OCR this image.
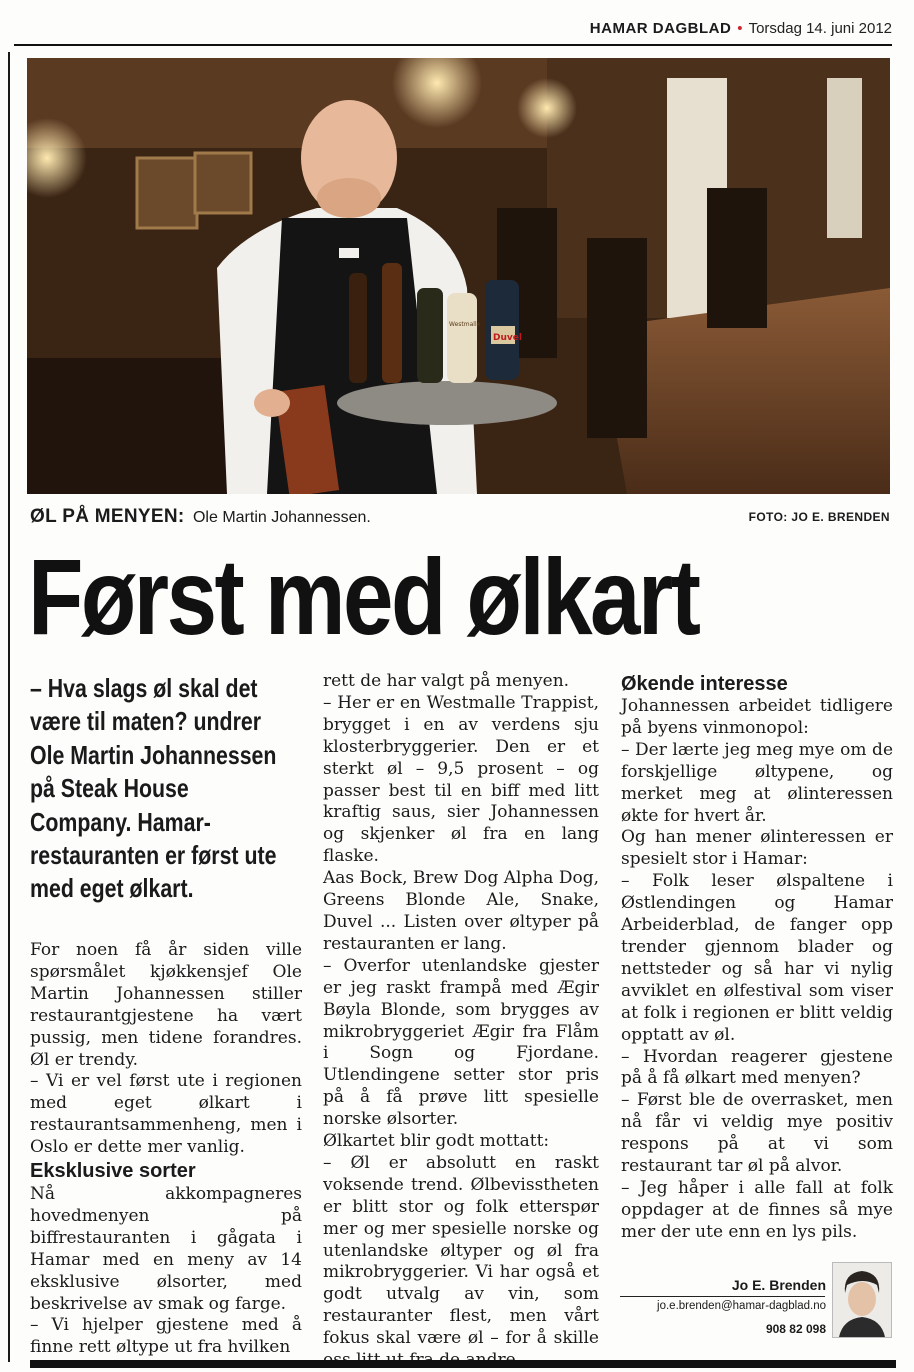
HAMAR DAGBLAD • Torsdag 14. juni 2012
Duvel
Westmalle
ØL PÅ MENYEN: Ole Martin Johannessen.	FOTO: JO E. BRENDEN
Først med ølkart
– Hva slags øl skal det
være til maten? undrer
Ole Martin Johannessen
på Steak House
Company. Hamar-
restauranten er først ute
med eget ølkart.

For noen få år siden ville spørsmålet kjøkkensjef Ole Martin Johannessen stiller restaurantgjestene ha vært pussig, men tidene forandres. Øl er trendy.

– Vi er vel først ute i regionen med eget ølkart i restaurantsammenheng, men i Oslo er dette mer vanlig.

Eksklusive sorter

Nå akkompagneres hovedmenyen på biffrestauranten i gågata i Hamar med en meny av 14 eksklusive ølsorter, med beskrivelse av smak og farge.

– Vi hjelper gjestene med å finne rett øltype ut fra hvilken

rett de har valgt på menyen.

– Her er en Westmalle Trappist, brygget i en av verdens sju klosterbryggerier. Den er et sterkt øl – 9,5 prosent – og passer best til en biff med litt kraftig saus, sier Johannessen og skjenker øl fra en lang flaske.

Aas Bock, Brew Dog Alpha Dog, Greens Blonde Ale, Snake, Duvel ... Listen over øltyper på restauranten er lang.

– Overfor utenlandske gjester er jeg raskt frampå med Ægir Bøyla Blonde, som brygges av mikrobryggeriet Ægir fra Flåm i Sogn og Fjordane. Utlendingene setter stor pris på å få prøve litt spesielle norske ølsorter.

Ølkartet blir godt mottatt:

– Øl er absolutt en raskt voksende trend. Ølbevisstheten er blitt stor og folk etterspør mer og mer spesielle norske og utenlandske øltyper og øl fra mikrobryggerier. Vi har også et godt utvalg av vin, som restauranter flest, men vårt fokus skal være øl – for å skille

Økende interesse

Johannessen arbeidet tidligere på byens vinmonopol:

– Der lærte jeg meg mye om de forskjellige øltypene, og merket meg at ølinteressen økte for hvert år.

Og han mener ølinteressen er spesielt stor i Hamar:

– Folk leser ølspaltene i Østlendingen og Hamar Arbeiderblad, de fanger opp trender gjennom blader og nettsteder og så har vi nylig avviklet en ølfestival som viser at folk i regionen er blitt veldig opptatt av øl.

– Hvordan reagerer gjestene på å få ølkart med menyen?

– Først ble de overrasket, men nå får vi veldig mye positiv respons på at vi som restaurant tar øl på alvor.

– Jeg håper i alle fall at folk oppdager at de finnes så mye mer der ute enn en lys pils.

Jo E. Brenden
jo.e.brenden@hamar-dagblad.no
908 82 098
